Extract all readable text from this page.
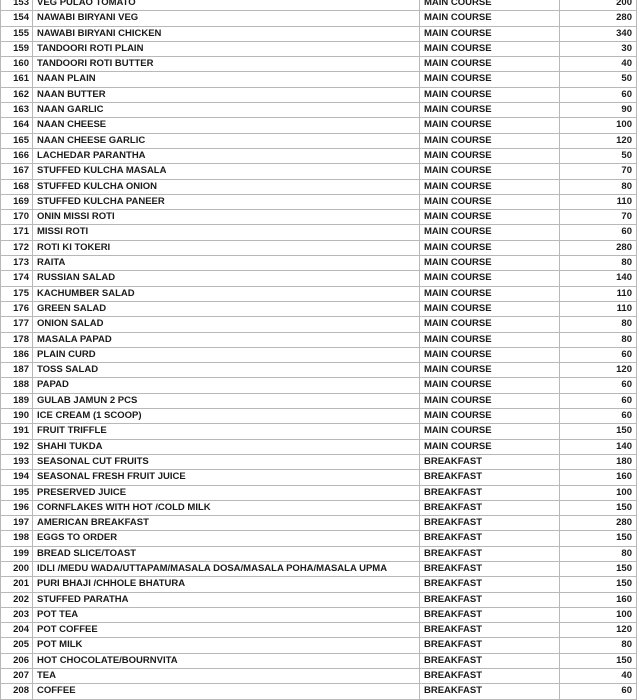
153	VEG PULAO TOMATO	MAIN COURSE	200
154	NAWABI BIRYANI VEG	MAIN COURSE	280
155	NAWABI BIRYANI CHICKEN	MAIN COURSE	340
159	TANDOORI ROTI PLAIN	MAIN COURSE	30
160	TANDOORI ROTI BUTTER	MAIN COURSE	40
161	NAAN PLAIN	MAIN COURSE	50
162	NAAN BUTTER	MAIN COURSE	60
163	NAAN GARLIC	MAIN COURSE	90
164	NAAN CHEESE	MAIN COURSE	100
165	NAAN CHEESE GARLIC	MAIN COURSE	120
166	LACHEDAR PARANTHA	MAIN COURSE	50
167	STUFFED KULCHA MASALA	MAIN COURSE	70
168	STUFFED KULCHA ONION	MAIN COURSE	80
169	STUFFED KULCHA PANEER	MAIN COURSE	110
170	ONIN MISSI ROTI	MAIN COURSE	70
171	MISSI ROTI	MAIN COURSE	60
172	ROTI KI TOKERI	MAIN COURSE	280
173	RAITA	MAIN COURSE	80
174	RUSSIAN SALAD	MAIN COURSE	140
175	KACHUMBER SALAD	MAIN COURSE	110
176	GREEN SALAD	MAIN COURSE	110
177	ONION SALAD	MAIN COURSE	80
178	MASALA PAPAD	MAIN COURSE	80
186	PLAIN CURD	MAIN COURSE	60
187	TOSS SALAD	MAIN COURSE	120
188	PAPAD	MAIN COURSE	60
189	GULAB JAMUN 2 PCS	MAIN COURSE	60
190	ICE CREAM (1 SCOOP)	MAIN COURSE	60
191	FRUIT TRIFFLE	MAIN COURSE	150
192	SHAHI TUKDA	MAIN COURSE	140
193	SEASONAL CUT FRUITS	BREAKFAST	180
194	SEASONAL FRESH FRUIT JUICE	BREAKFAST	160
195	PRESERVED JUICE	BREAKFAST	100
196	CORNFLAKES WITH HOT /COLD MILK	BREAKFAST	150
197	AMERICAN BREAKFAST	BREAKFAST	280
198	EGGS TO ORDER	BREAKFAST	150
199	BREAD SLICE/TOAST	BREAKFAST	80
200	IDLI /MEDU WADA/UTTAPAM/MASALA DOSA/MASALA POHA/MASALA UPMA	BREAKFAST	150
201	PURI BHAJI /CHHOLE BHATURA	BREAKFAST	150
202	STUFFED PARATHA	BREAKFAST	160
203	POT TEA	BREAKFAST	100
204	POT COFFEE	BREAKFAST	120
205	POT MILK	BREAKFAST	80
206	HOT CHOCOLATE/BOURNVITA	BREAKFAST	150
207	TEA	BREAKFAST	40
208	COFFEE	BREAKFAST	60
